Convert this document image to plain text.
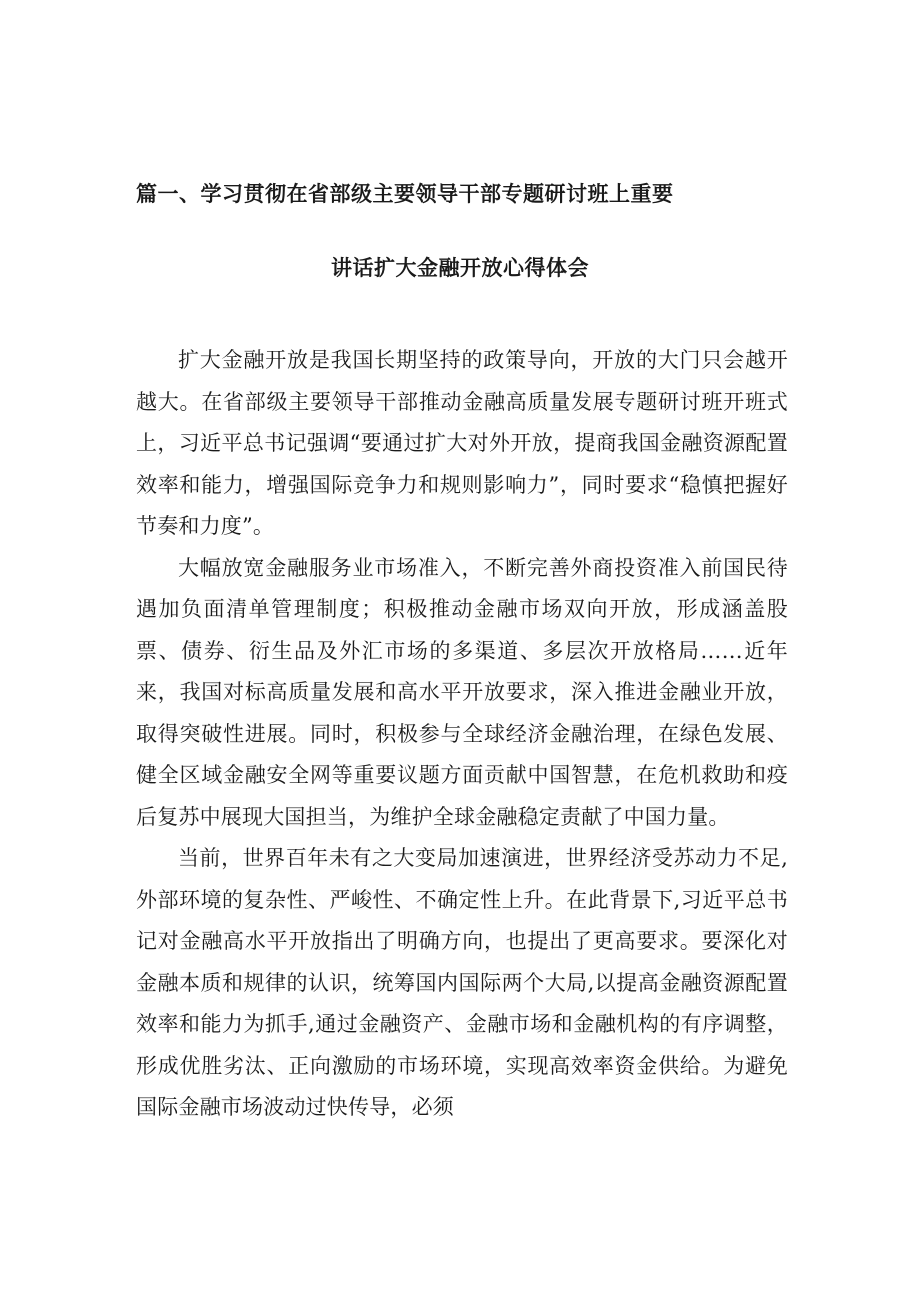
篇一、学习贯彻在省部级主要领导干部专题研讨班上重要
讲话扩大金融开放心得体会

扩大金融开放是我国长期坚持的政策导向，开放的大门只会越开越大。在省部级主要领导干部推动金融高质量发展专题研讨班开班式上，习近平总书记强调“要通过扩大对外开放，提商我国金融资源配置效率和能力，增强国际竞争力和规则影响力”，同时要求“稳慎把握好节奏和力度”。

大幅放宽金融服务业市场准入，不断完善外商投资准入前国民待遇加负面清单管理制度；积极推动金融市场双向开放，形成涵盖股票、债券、衍生品及外汇市场的多渠道、多层次开放格局……近年来，我国对标高质量发展和高水平开放要求，深入推进金融业开放，取得突破性进展。同时，积极参与全球经济金融治理，在绿色发展、健全区域金融安全网等重要议题方面贡献中国智慧，在危机救助和疫后复苏中展现大国担当，为维护全球金融稳定责献了中国力量。

当前，世界百年未有之大变局加速演进，世界经济受苏动力不足,外部环境的复杂性、严峻性、不确定性上升。在此背景下,习近平总书记对金融高水平开放指出了明确方向，也提出了更高要求。要深化对金融本质和规律的认识，统筹国内国际两个大局,以提高金融资源配置效率和能力为抓手,通过金融资产、金融市场和金融机构的有序调整，形成优胜劣汰、正向激励的市场环境，实现高效率资金供给。为避免国际金融市场波动过快传导，必须
